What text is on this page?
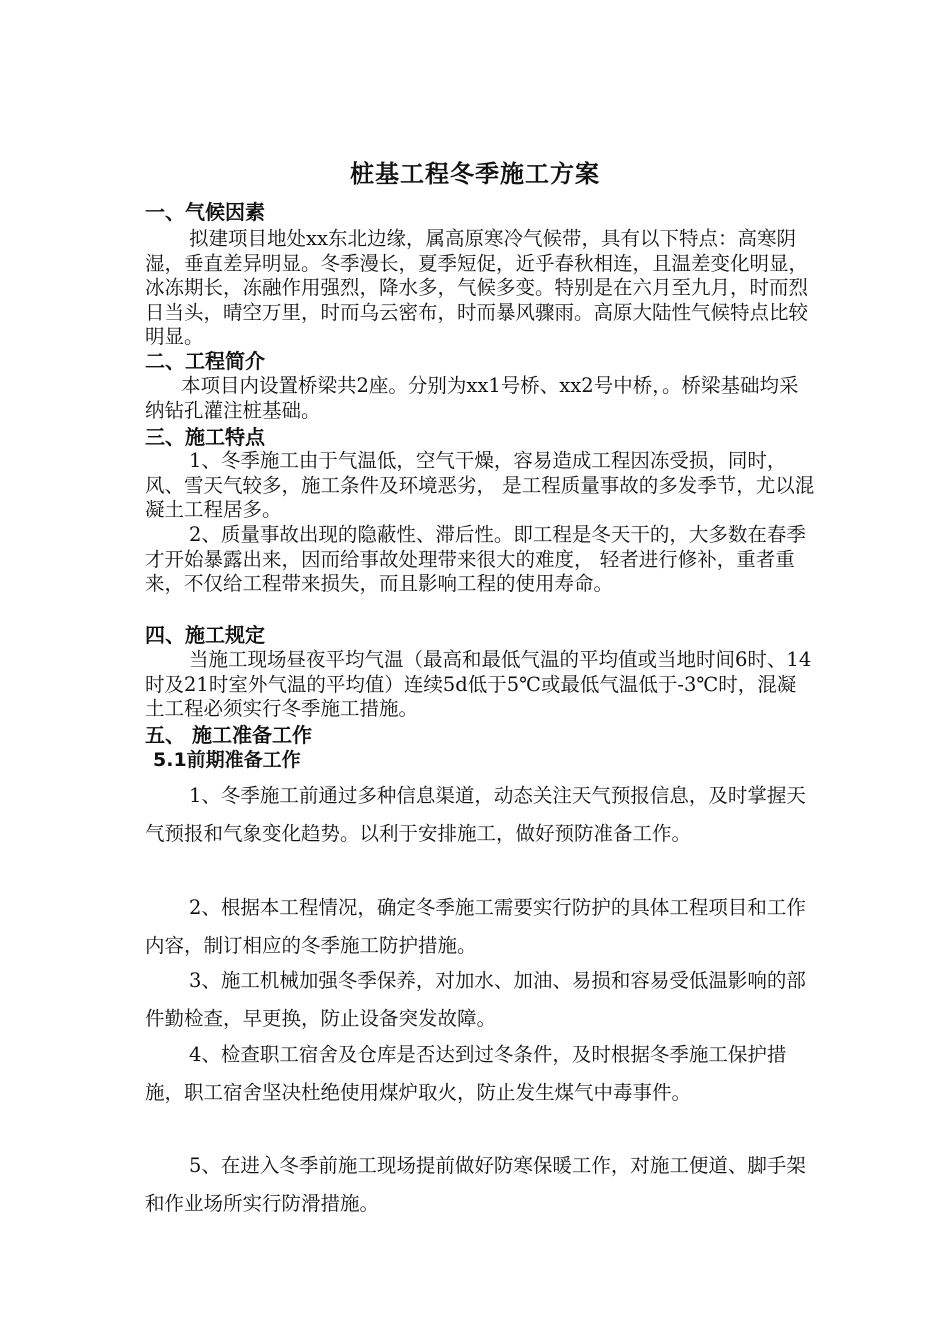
桩基工程冬季施工方案
一、气候因素

拟建项目地处xx东北边缘，属高原寒冷气候带，具有以下特点：高寒阴湿，垂直差异明显。冬季漫长，夏季短促，近乎春秋相连，且温差变化明显，冰冻期长，冻融作用强烈，降水多，气候多变。特别是在六月至九月，时而烈日当头，晴空万里，时而乌云密布，时而暴风骤雨。高原大陆性气候特点比较明显。

二、工程简介

本项目内设置桥梁共2座。分别为xx1号桥、xx2号中桥，。桥梁基础均采纳钻孔灌注桩基础。

三、施工特点

1、冬季施工由于气温低，空气干燥，容易造成工程因冻受损，同时，风、雪天气较多，施工条件及环境恶劣， 是工程质量事故的多发季节，尤以混凝土工程居多。

2、质量事故出现的隐蔽性、滞后性。即工程是冬天干的，大多数在春季才开始暴露出来，因而给事故处理带来很大的难度， 轻者进行修补，重者重来，不仅给工程带来损失，而且影响工程的使用寿命。

四、施工规定

当施工现场昼夜平均气温（最高和最低气温的平均值或当地时间6时、14时及21时室外气温的平均值）连续5d低于5℃或最低气温低于-3℃时，混凝土工程必须实行冬季施工措施。

五、 施工准备工作
5.1前期准备工作

1、冬季施工前通过多种信息渠道，动态关注天气预报信息，及时掌握天气预报和气象变化趋势。以利于安排施工，做好预防准备工作。

2、根据本工程情况，确定冬季施工需要实行防护的具体工程项目和工作内容，制订相应的冬季施工防护措施。

3、施工机械加强冬季保养，对加水、加油、易损和容易受低温影响的部件勤检查，早更换，防止设备突发故障。

4、检查职工宿舍及仓库是否达到过冬条件，及时根据冬季施工保护措施，职工宿舍坚决杜绝使用煤炉取火，防止发生煤气中毒事件。

5、在进入冬季前施工现场提前做好防寒保暖工作，对施工便道、脚手架和作业场所实行防滑措施。
